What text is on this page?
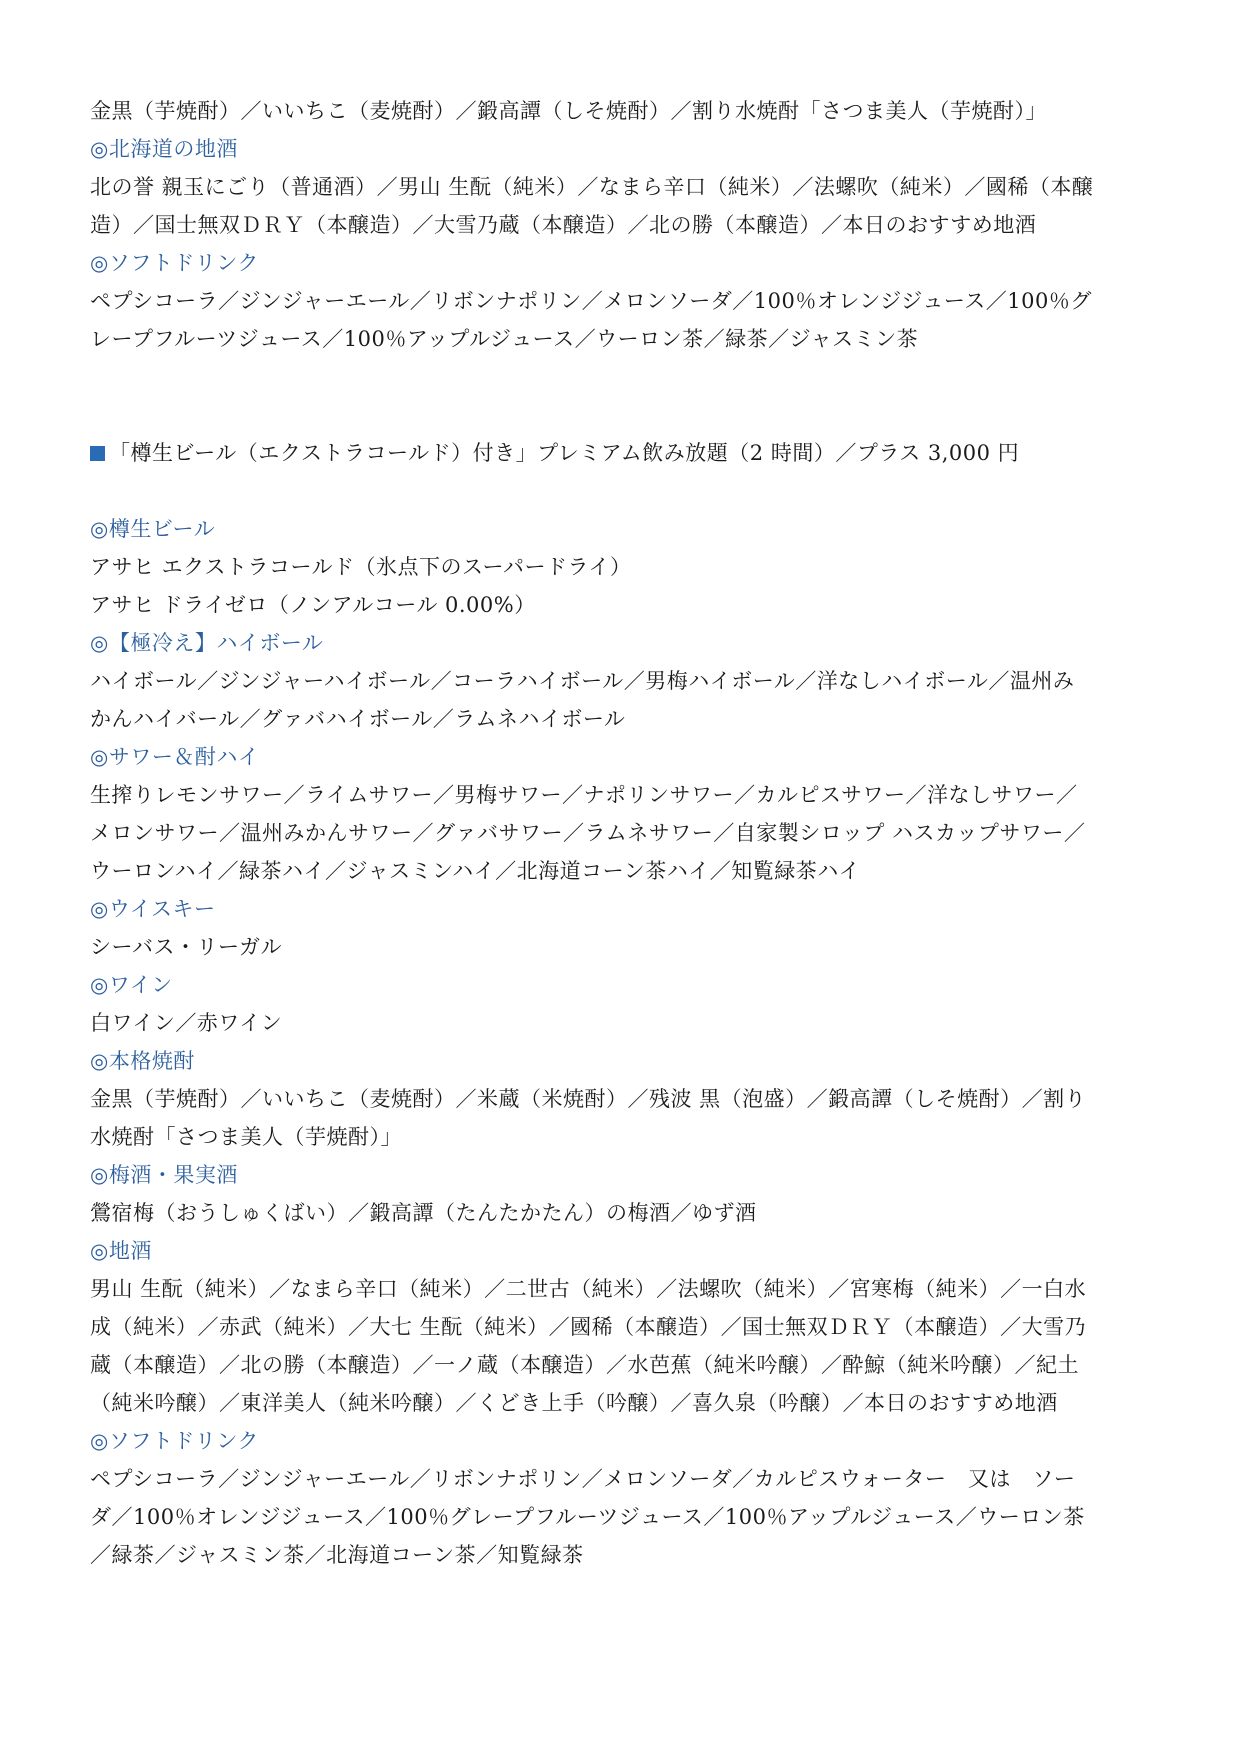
金黒（芋焼酎）／いいちこ（麦焼酎）／鍛高譚（しそ焼酎）／割り水焼酎「さつま美人（芋焼酎）」
◎北海道の地酒
北の誉 親玉にごり（普通酒）／男山 生酛（純米）／なまら辛口（純米）／法螺吹（純米）／國稀（本醸
造）／国士無双ＤＲＹ（本醸造）／大雪乃蔵（本醸造）／北の勝（本醸造）／本日のおすすめ地酒
◎ソフトドリンク
ペプシコーラ／ジンジャーエール／リボンナポリン／メロンソーダ／100％オレンジジュース／100％グ
レープフルーツジュース／100％アップルジュース／ウーロン茶／緑茶／ジャスミン茶
「樽生ビール（エクストラコールド）付き」プレミアム飲み放題（2 時間）／プラス 3,000 円
◎樽生ビール
アサヒ エクストラコールド（氷点下のスーパードライ）
アサヒ ドライゼロ（ノンアルコール 0.00%）
◎【極冷え】ハイボール
ハイボール／ジンジャーハイボール／コーラハイボール／男梅ハイボール／洋なしハイボール／温州み
かんハイバール／グァバハイボール／ラムネハイボール
◎サワー＆酎ハイ
生搾りレモンサワー／ライムサワー／男梅サワー／ナポリンサワー／カルピスサワー／洋なしサワー／
メロンサワー／温州みかんサワー／グァバサワー／ラムネサワー／自家製シロップ ハスカップサワー／
ウーロンハイ／緑茶ハイ／ジャスミンハイ／北海道コーン茶ハイ／知覧緑茶ハイ
◎ウイスキー
シーバス・リーガル
◎ワイン
白ワイン／赤ワイン
◎本格焼酎
金黒（芋焼酎）／いいちこ（麦焼酎）／米蔵（米焼酎）／残波 黒（泡盛）／鍛高譚（しそ焼酎）／割り
水焼酎「さつま美人（芋焼酎）」
◎梅酒・果実酒
鶯宿梅（おうしゅくばい）／鍛高譚（たんたかたん）の梅酒／ゆず酒
◎地酒
男山 生酛（純米）／なまら辛口（純米）／二世古（純米）／法螺吹（純米）／宮寒梅（純米）／一白水
成（純米）／赤武（純米）／大七 生酛（純米）／國稀（本醸造）／国士無双ＤＲＹ（本醸造）／大雪乃
蔵（本醸造）／北の勝（本醸造）／一ノ蔵（本醸造）／水芭蕉（純米吟醸）／酔鯨（純米吟醸）／紀土
（純米吟醸）／東洋美人（純米吟醸）／くどき上手（吟醸）／喜久泉（吟醸）／本日のおすすめ地酒
◎ソフトドリンク
ペプシコーラ／ジンジャーエール／リボンナポリン／メロンソーダ／カルピスウォーター　又は　ソー
ダ／100％オレンジジュース／100％グレープフルーツジュース／100％アップルジュース／ウーロン茶
／緑茶／ジャスミン茶／北海道コーン茶／知覧緑茶
